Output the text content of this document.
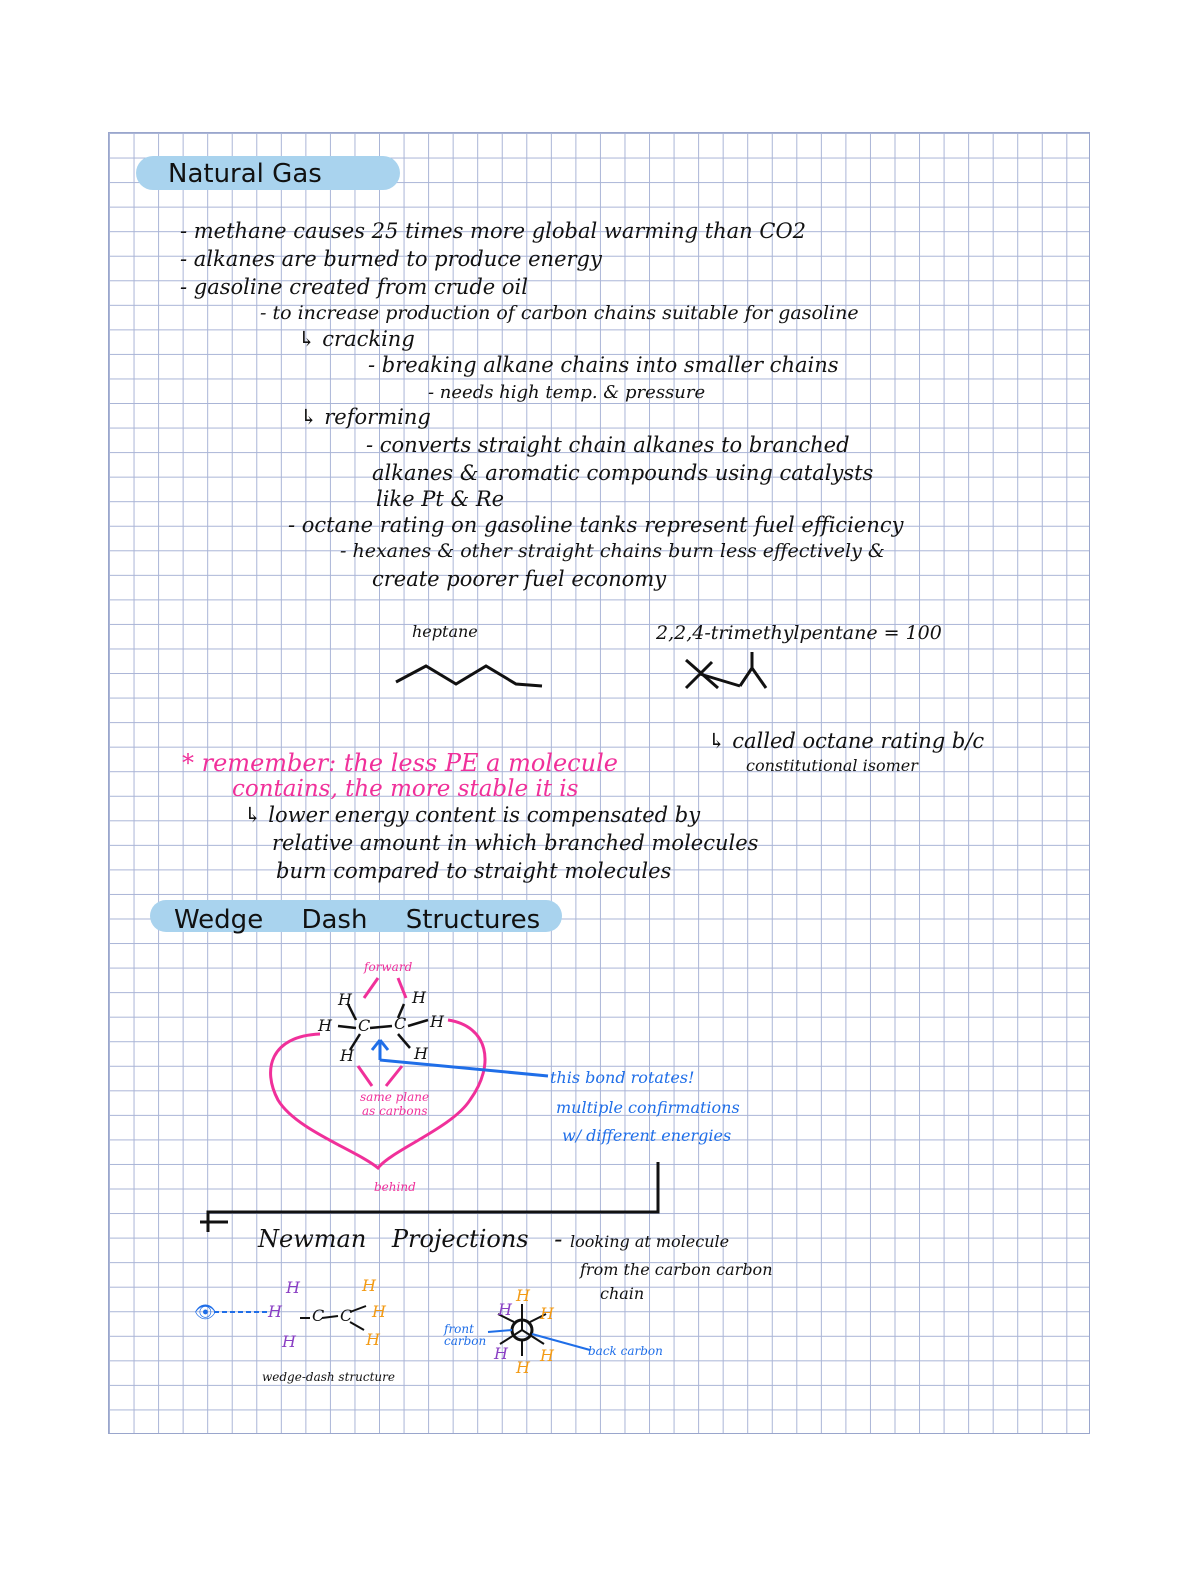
Natural Gas
- methane causes 25 times more global warming than CO2
- alkanes are burned to produce energy
- gasoline created from crude oil
- to increase production of carbon chains suitable for gasoline
↳ cracking
- breaking alkane chains into smaller chains
- needs high temp. & pressure
↳ reforming
- converts straight chain alkanes to branched
alkanes & aromatic compounds using catalysts
like Pt & Re
- octane rating on gasoline tanks represent fuel efficiency
- hexanes & other straight chains burn less effectively &
create poorer fuel economy
heptane	2,2,4-trimethylpentane = 100
↳ called octane rating b/c
constitutional isomer
* remember: the less PE a molecule
contains, the more stable it is
↳ lower energy content is compensated by
relative amount in which branched molecules
burn compared to straight molecules
Wedge Dash Structures
forward
H	H
H C C H
H	H
same plane
as carbons
behind
this bond rotates!
multiple confirmations
w/ different energies
Newman Projections - looking at molecule
from the carbon carbon
chain
👁
H
H
H
C C
H
H
H
wedge-dash structure
front
carbon
back carbon
H
H H
H H
H
